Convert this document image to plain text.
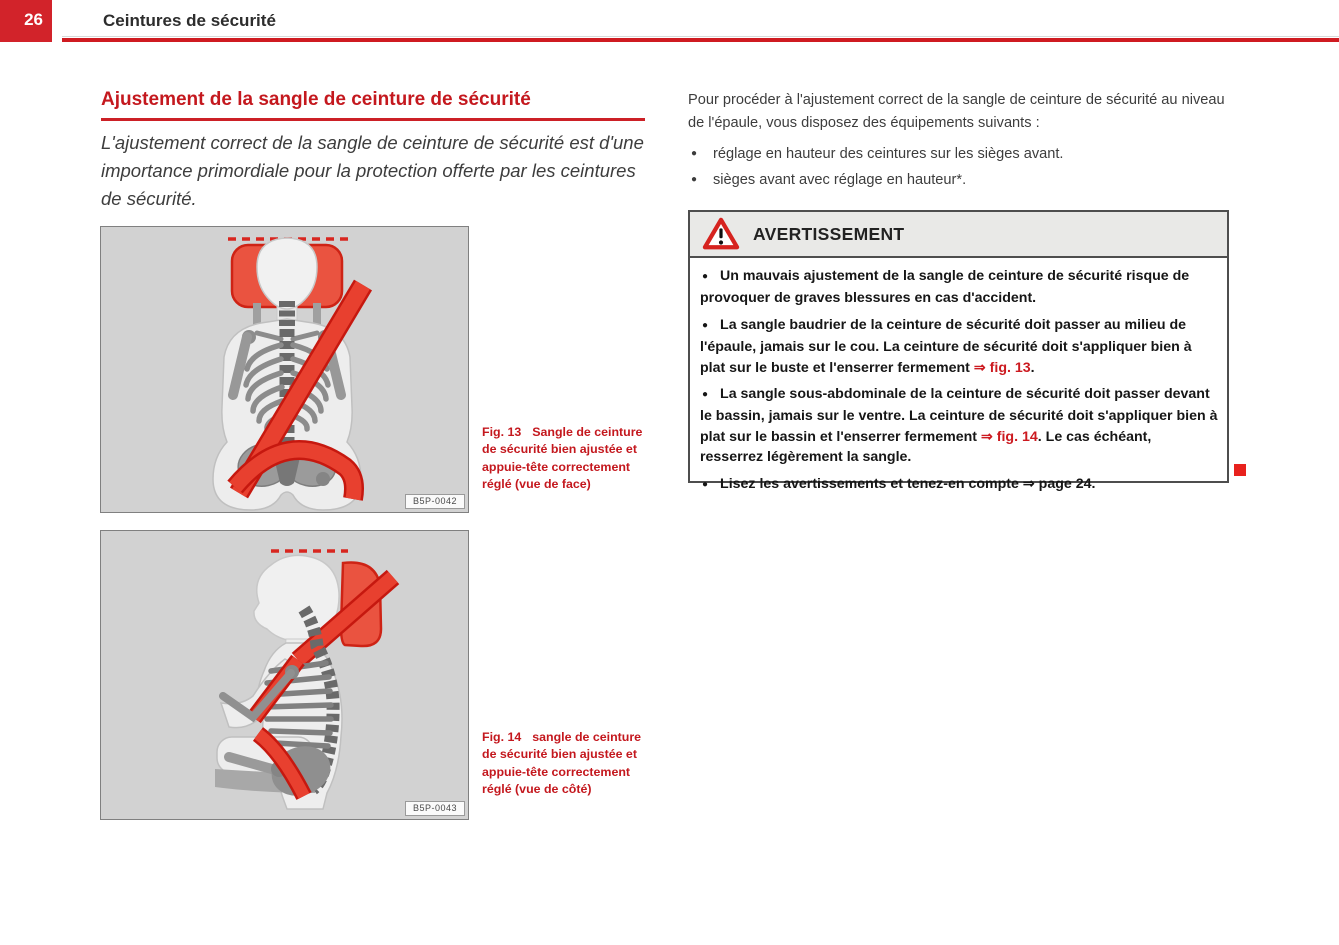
26	Ceintures de sécurité
Ajustement de la sangle de ceinture de sécurité

L'ajustement correct de la sangle de ceinture de sécurité est d'une importance primordiale pour la protection offerte par les ceintures de sécurité.

B5P-0042

Fig. 13 Sangle de ceinture de sécurité bien ajustée et appuie-tête correctement réglé (vue de face)

B5P-0043

Fig. 14 sangle de ceinture de sécurité bien ajustée et appuie-tête correctement réglé (vue de côté)

Pour procéder à l'ajustement correct de la sangle de ceinture de sécurité au niveau de l'épaule, vous disposez des équipements suivants :

● réglage en hauteur des ceintures sur les sièges avant.
● sièges avant avec réglage en hauteur*.
AVERTISSEMENT

● Un mauvais ajustement de la sangle de ceinture de sécurité risque de provoquer de graves blessures en cas d'accident.

● La sangle baudrier de la ceinture de sécurité doit passer au milieu de l'épaule, jamais sur le cou. La ceinture de sécurité doit s'appliquer bien à plat sur le buste et l'enserrer fermement ⇒ fig. 13.

● La sangle sous-abdominale de la ceinture de sécurité doit passer devant le bassin, jamais sur le ventre. La ceinture de sécurité doit s'appliquer bien à plat sur le bassin et l'enserrer fermement ⇒ fig. 14. Le cas échéant, resserrez légèrement la sangle.

● Lisez les avertissements et tenez-en compte ⇒ page 24.
